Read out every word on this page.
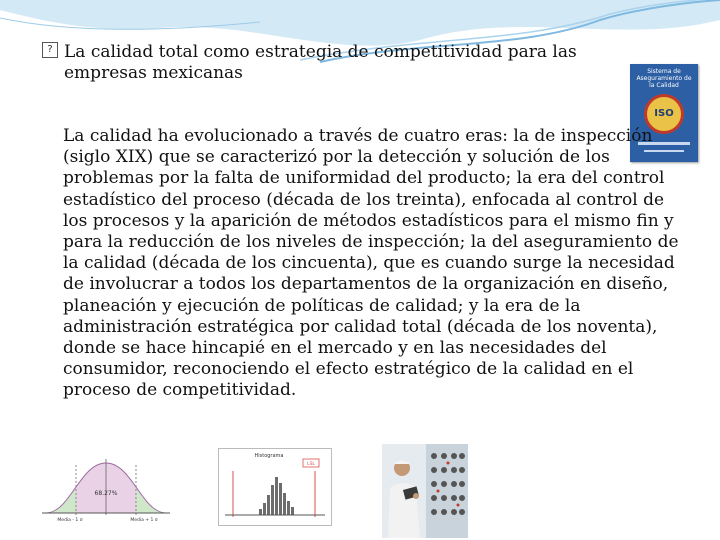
? La calidad total como estrategia de competitividad para las empresas mexicanas	Sistema de Aseguramiento de la Calidad
ISO
La calidad ha evolucionado a través de cuatro eras: la de inspección (siglo XIX) que se caracterizó por la detección y solución de los problemas por la falta de uniformidad del producto; la era del control estadístico del proceso (década de los treinta), enfocada al control de los procesos y la aparición de métodos estadísticos para el mismo fin y para la reducción de los niveles de inspección; la del aseguramiento de la calidad (década de los cincuenta), que es cuando surge la necesidad de involucrar a todos los departamentos de la organización en diseño, planeación y ejecución de políticas de calidad; y la era de la administración estratégica por calidad total (década de los noventa), donde se hace hincapié en el mercado y en las necesidades del consumidor, reconociendo el efecto estratégico de la calidad en el proceso de competitividad.
68.27%
Media - 1 σ	Media + 1 σ
Histograma
LSL
